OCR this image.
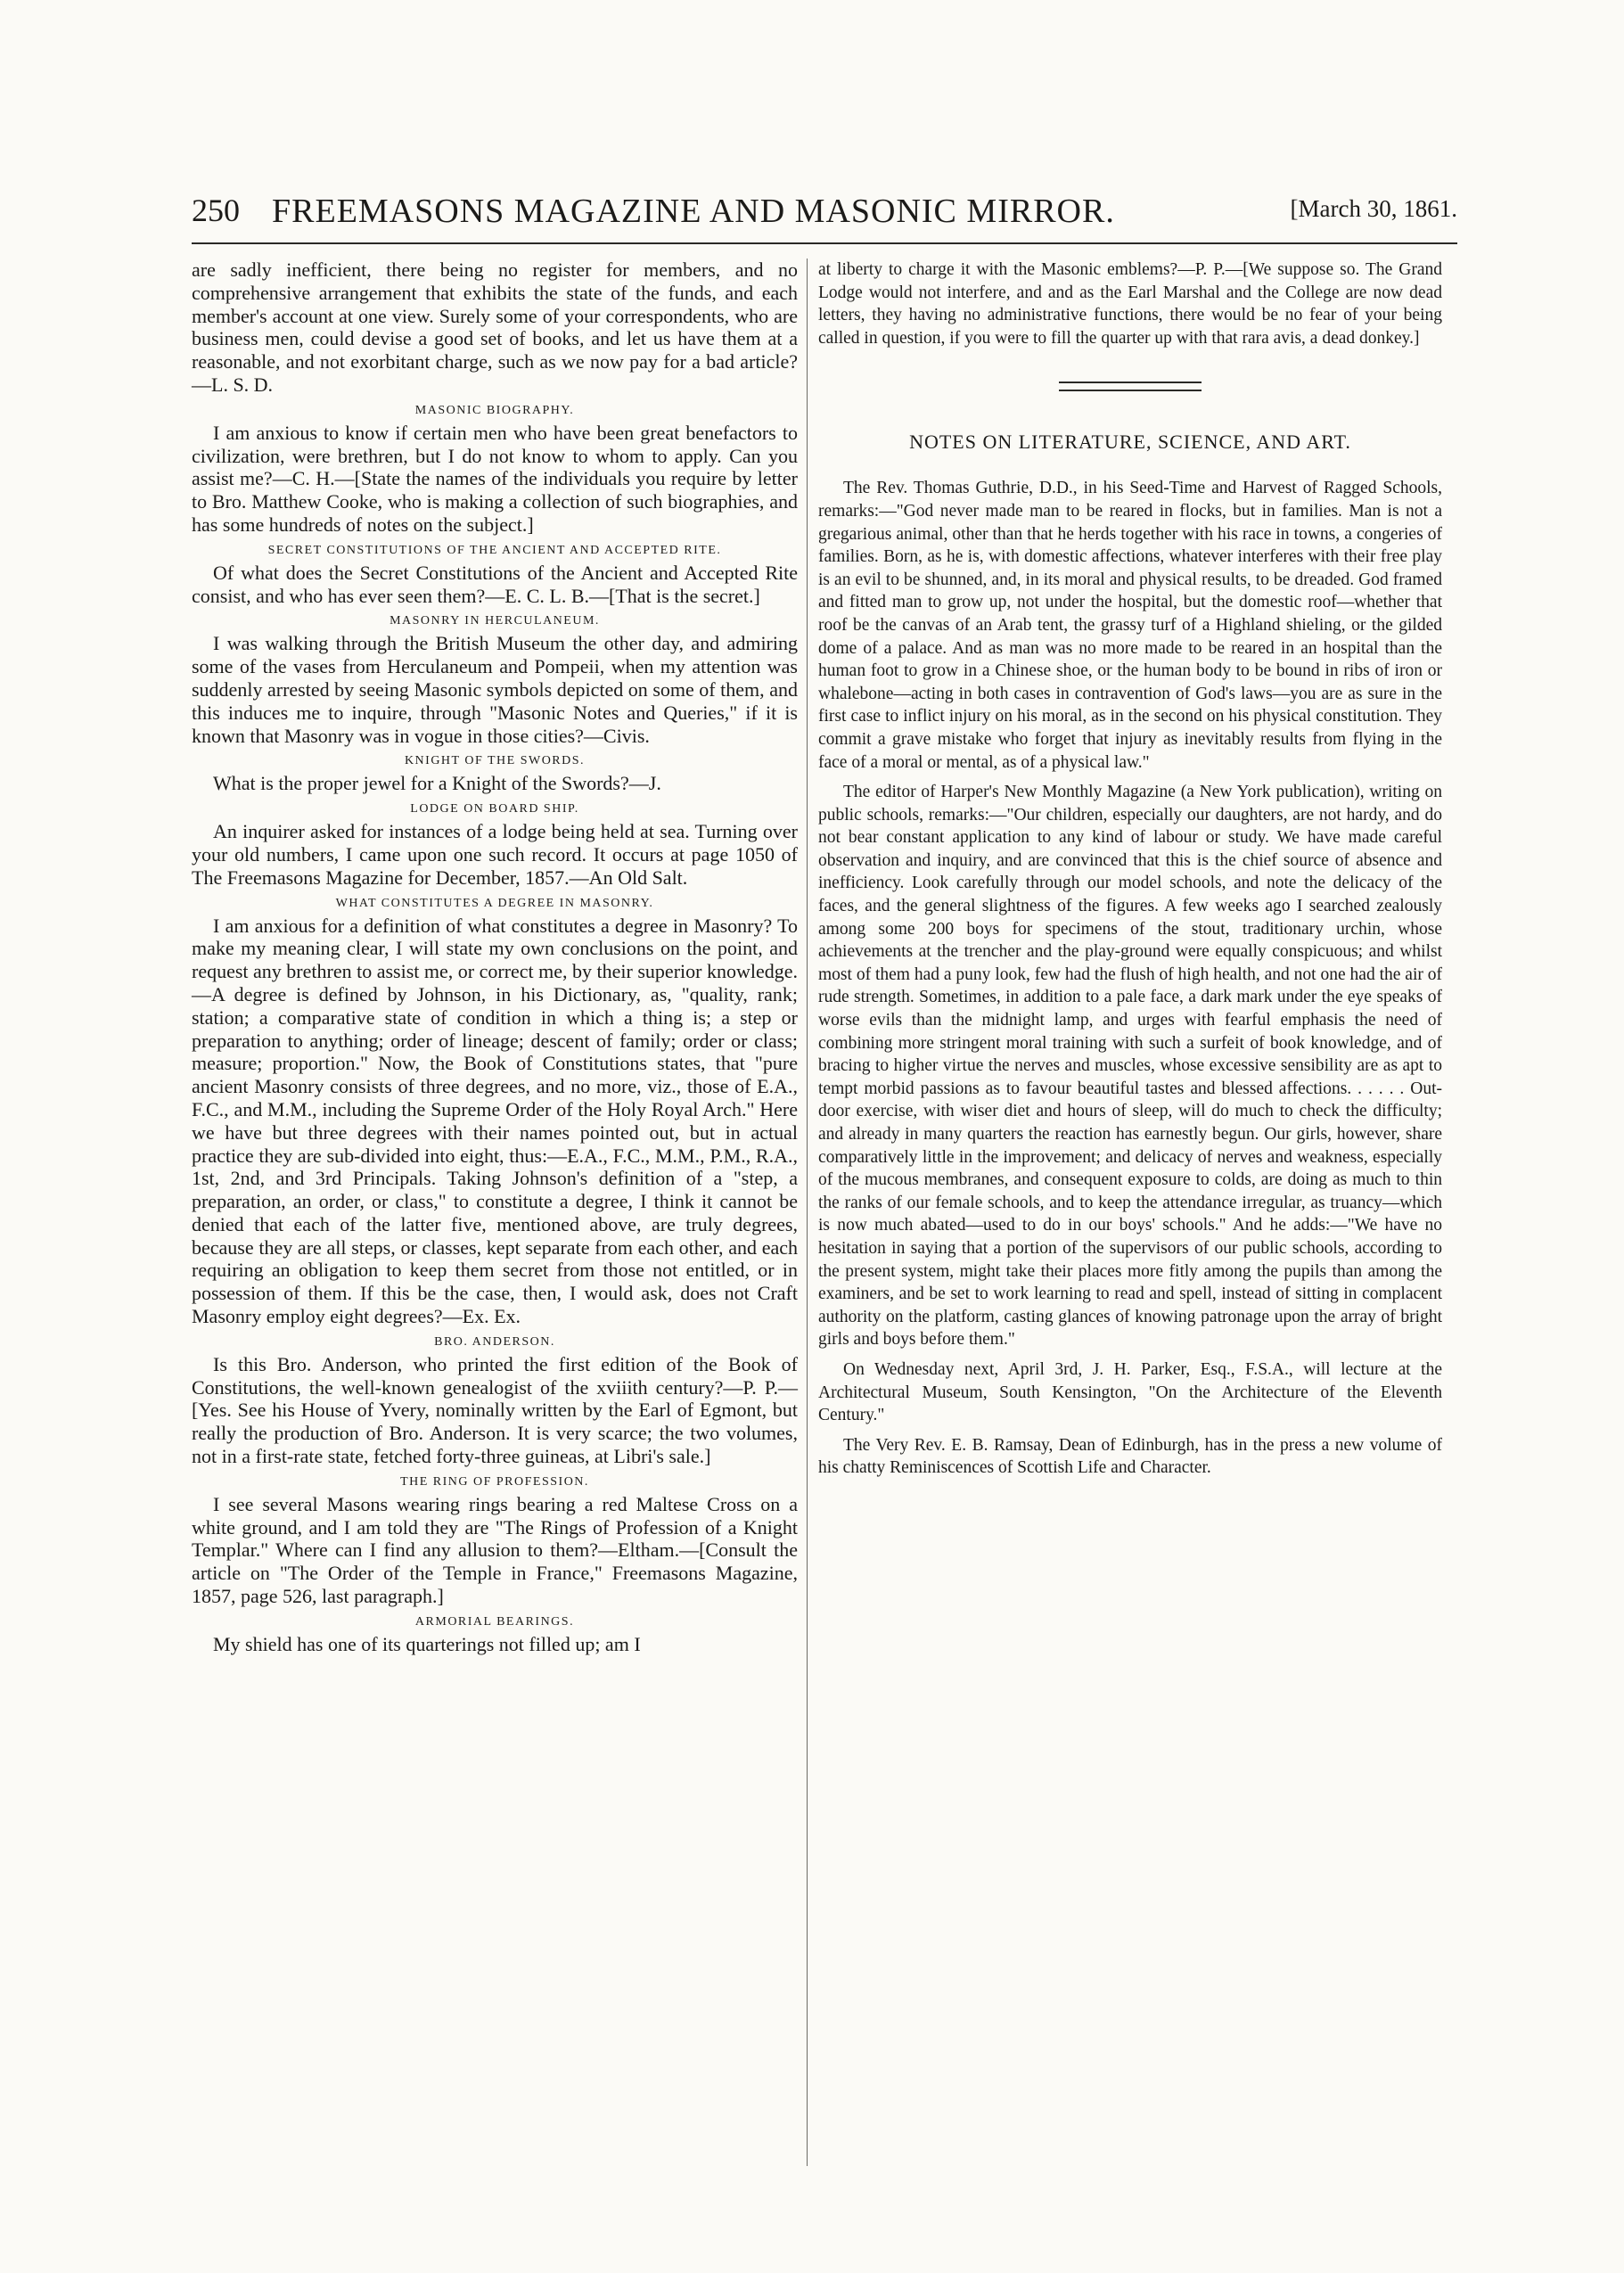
250 FREEMASONS MAGAZINE AND MASONIC MIRROR.	[March 30, 1861.

are sadly inefficient, there being no register for members, and no comprehensive arrangement that exhibits the state of the funds, and each member's account at one view. Surely some of your correspondents, who are business men, could devise a good set of books, and let us have them at a reasonable, and not exorbitant charge, such as we now pay for a bad article?—L. S. D.

MASONIC BIOGRAPHY.

I am anxious to know if certain men who have been great benefactors to civilization, were brethren, but I do not know to whom to apply. Can you assist me?—C. H.—[State the names of the individuals you require by letter to Bro. Matthew Cooke, who is making a collection of such biographies, and has some hundreds of notes on the subject.]

SECRET CONSTITUTIONS OF THE ANCIENT AND ACCEPTED RITE.

Of what does the Secret Constitutions of the Ancient and Accepted Rite consist, and who has ever seen them?—E. C. L. B.—[That is the secret.]

MASONRY IN HERCULANEUM.

I was walking through the British Museum the other day, and admiring some of the vases from Herculaneum and Pompeii, when my attention was suddenly arrested by seeing Masonic symbols depicted on some of them, and this induces me to inquire, through "Masonic Notes and Queries," if it is known that Masonry was in vogue in those cities?—Civis.

KNIGHT OF THE SWORDS.

What is the proper jewel for a Knight of the Swords?—J.

LODGE ON BOARD SHIP.

An inquirer asked for instances of a lodge being held at sea. Turning over your old numbers, I came upon one such record. It occurs at page 1050 of The Freemasons Magazine for December, 1857.—An Old Salt.

WHAT CONSTITUTES A DEGREE IN MASONRY.

I am anxious for a definition of what constitutes a degree in Masonry? To make my meaning clear, I will state my own conclusions on the point, and request any brethren to assist me, or correct me, by their superior knowledge.—A degree is defined by Johnson, in his Dictionary, as, "quality, rank; station; a comparative state of condition in which a thing is; a step or preparation to anything; order of lineage; descent of family; order or class; measure; proportion." Now, the Book of Constitutions states, that "pure ancient Masonry consists of three degrees, and no more, viz., those of E.A., F.C., and M.M., including the Supreme Order of the Holy Royal Arch." Here we have but three degrees with their names pointed out, but in actual practice they are sub-divided into eight, thus:—E.A., F.C., M.M., P.M., R.A., 1st, 2nd, and 3rd Principals. Taking Johnson's definition of a "step, a preparation, an order, or class," to constitute a degree, I think it cannot be denied that each of the latter five, mentioned above, are truly degrees, because they are all steps, or classes, kept separate from each other, and each requiring an obligation to keep them secret from those not entitled, or in possession of them. If this be the case, then, I would ask, does not Craft Masonry employ eight degrees?—Ex. Ex.

BRO. ANDERSON.

Is this Bro. Anderson, who printed the first edition of the Book of Constitutions, the well-known genealogist of the xviiith century?—P. P.—[Yes. See his House of Yvery, nominally written by the Earl of Egmont, but really the production of Bro. Anderson. It is very scarce; the two volumes, not in a first-rate state, fetched forty-three guineas, at Libri's sale.]

THE RING OF PROFESSION.

I see several Masons wearing rings bearing a red Maltese Cross on a white ground, and I am told they are "The Rings of Profession of a Knight Templar." Where can I find any allusion to them?—Eltham.—[Consult the article on "The Order of the Temple in France," Freemasons Magazine, 1857, page 526, last paragraph.]

ARMORIAL BEARINGS.

My shield has one of its quarterings not filled up; am I

at liberty to charge it with the Masonic emblems?—P. P.—[We suppose so. The Grand Lodge would not interfere, and and as the Earl Marshal and the College are now dead letters, they having no administrative functions, there would be no fear of your being called in question, if you were to fill the quarter up with that rara avis, a dead donkey.]

NOTES ON LITERATURE, SCIENCE, AND ART.

The Rev. Thomas Guthrie, D.D., in his Seed-Time and Harvest of Ragged Schools, remarks:—"God never made man to be reared in flocks, but in families. Man is not a gregarious animal, other than that he herds together with his race in towns, a congeries of families. Born, as he is, with domestic affections, whatever interferes with their free play is an evil to be shunned, and, in its moral and physical results, to be dreaded. God framed and fitted man to grow up, not under the hospital, but the domestic roof—whether that roof be the canvas of an Arab tent, the grassy turf of a Highland shieling, or the gilded dome of a palace. And as man was no more made to be reared in an hospital than the human foot to grow in a Chinese shoe, or the human body to be bound in ribs of iron or whalebone—acting in both cases in contravention of God's laws—you are as sure in the first case to inflict injury on his moral, as in the second on his physical constitution. They commit a grave mistake who forget that injury as inevitably results from flying in the face of a moral or mental, as of a physical law."

The editor of Harper's New Monthly Magazine (a New York publication), writing on public schools, remarks:—"Our children, especially our daughters, are not hardy, and do not bear constant application to any kind of labour or study. We have made careful observation and inquiry, and are convinced that this is the chief source of absence and inefficiency. Look carefully through our model schools, and note the delicacy of the faces, and the general slightness of the figures. A few weeks ago I searched zealously among some 200 boys for specimens of the stout, traditionary urchin, whose achievements at the trencher and the play-ground were equally conspicuous; and whilst most of them had a puny look, few had the flush of high health, and not one had the air of rude strength. Sometimes, in addition to a pale face, a dark mark under the eye speaks of worse evils than the midnight lamp, and urges with fearful emphasis the need of combining more stringent moral training with such a surfeit of book knowledge, and of bracing to higher virtue the nerves and muscles, whose excessive sensibility are as apt to tempt morbid passions as to favour beautiful tastes and blessed affections. . . . . . Out-door exercise, with wiser diet and hours of sleep, will do much to check the difficulty; and already in many quarters the reaction has earnestly begun. Our girls, however, share comparatively little in the improvement; and delicacy of nerves and weakness, especially of the mucous membranes, and consequent exposure to colds, are doing as much to thin the ranks of our female schools, and to keep the attendance irregular, as truancy—which is now much abated—used to do in our boys' schools." And he adds:—"We have no hesitation in saying that a portion of the supervisors of our public schools, according to the present system, might take their places more fitly among the pupils than among the examiners, and be set to work learning to read and spell, instead of sitting in complacent authority on the platform, casting glances of knowing patronage upon the array of bright girls and boys before them."

On Wednesday next, April 3rd, J. H. Parker, Esq., F.S.A., will lecture at the Architectural Museum, South Kensington, "On the Architecture of the Eleventh Century."

The Very Rev. E. B. Ramsay, Dean of Edinburgh, has in the press a new volume of his chatty Reminiscences of Scottish Life and Character.
